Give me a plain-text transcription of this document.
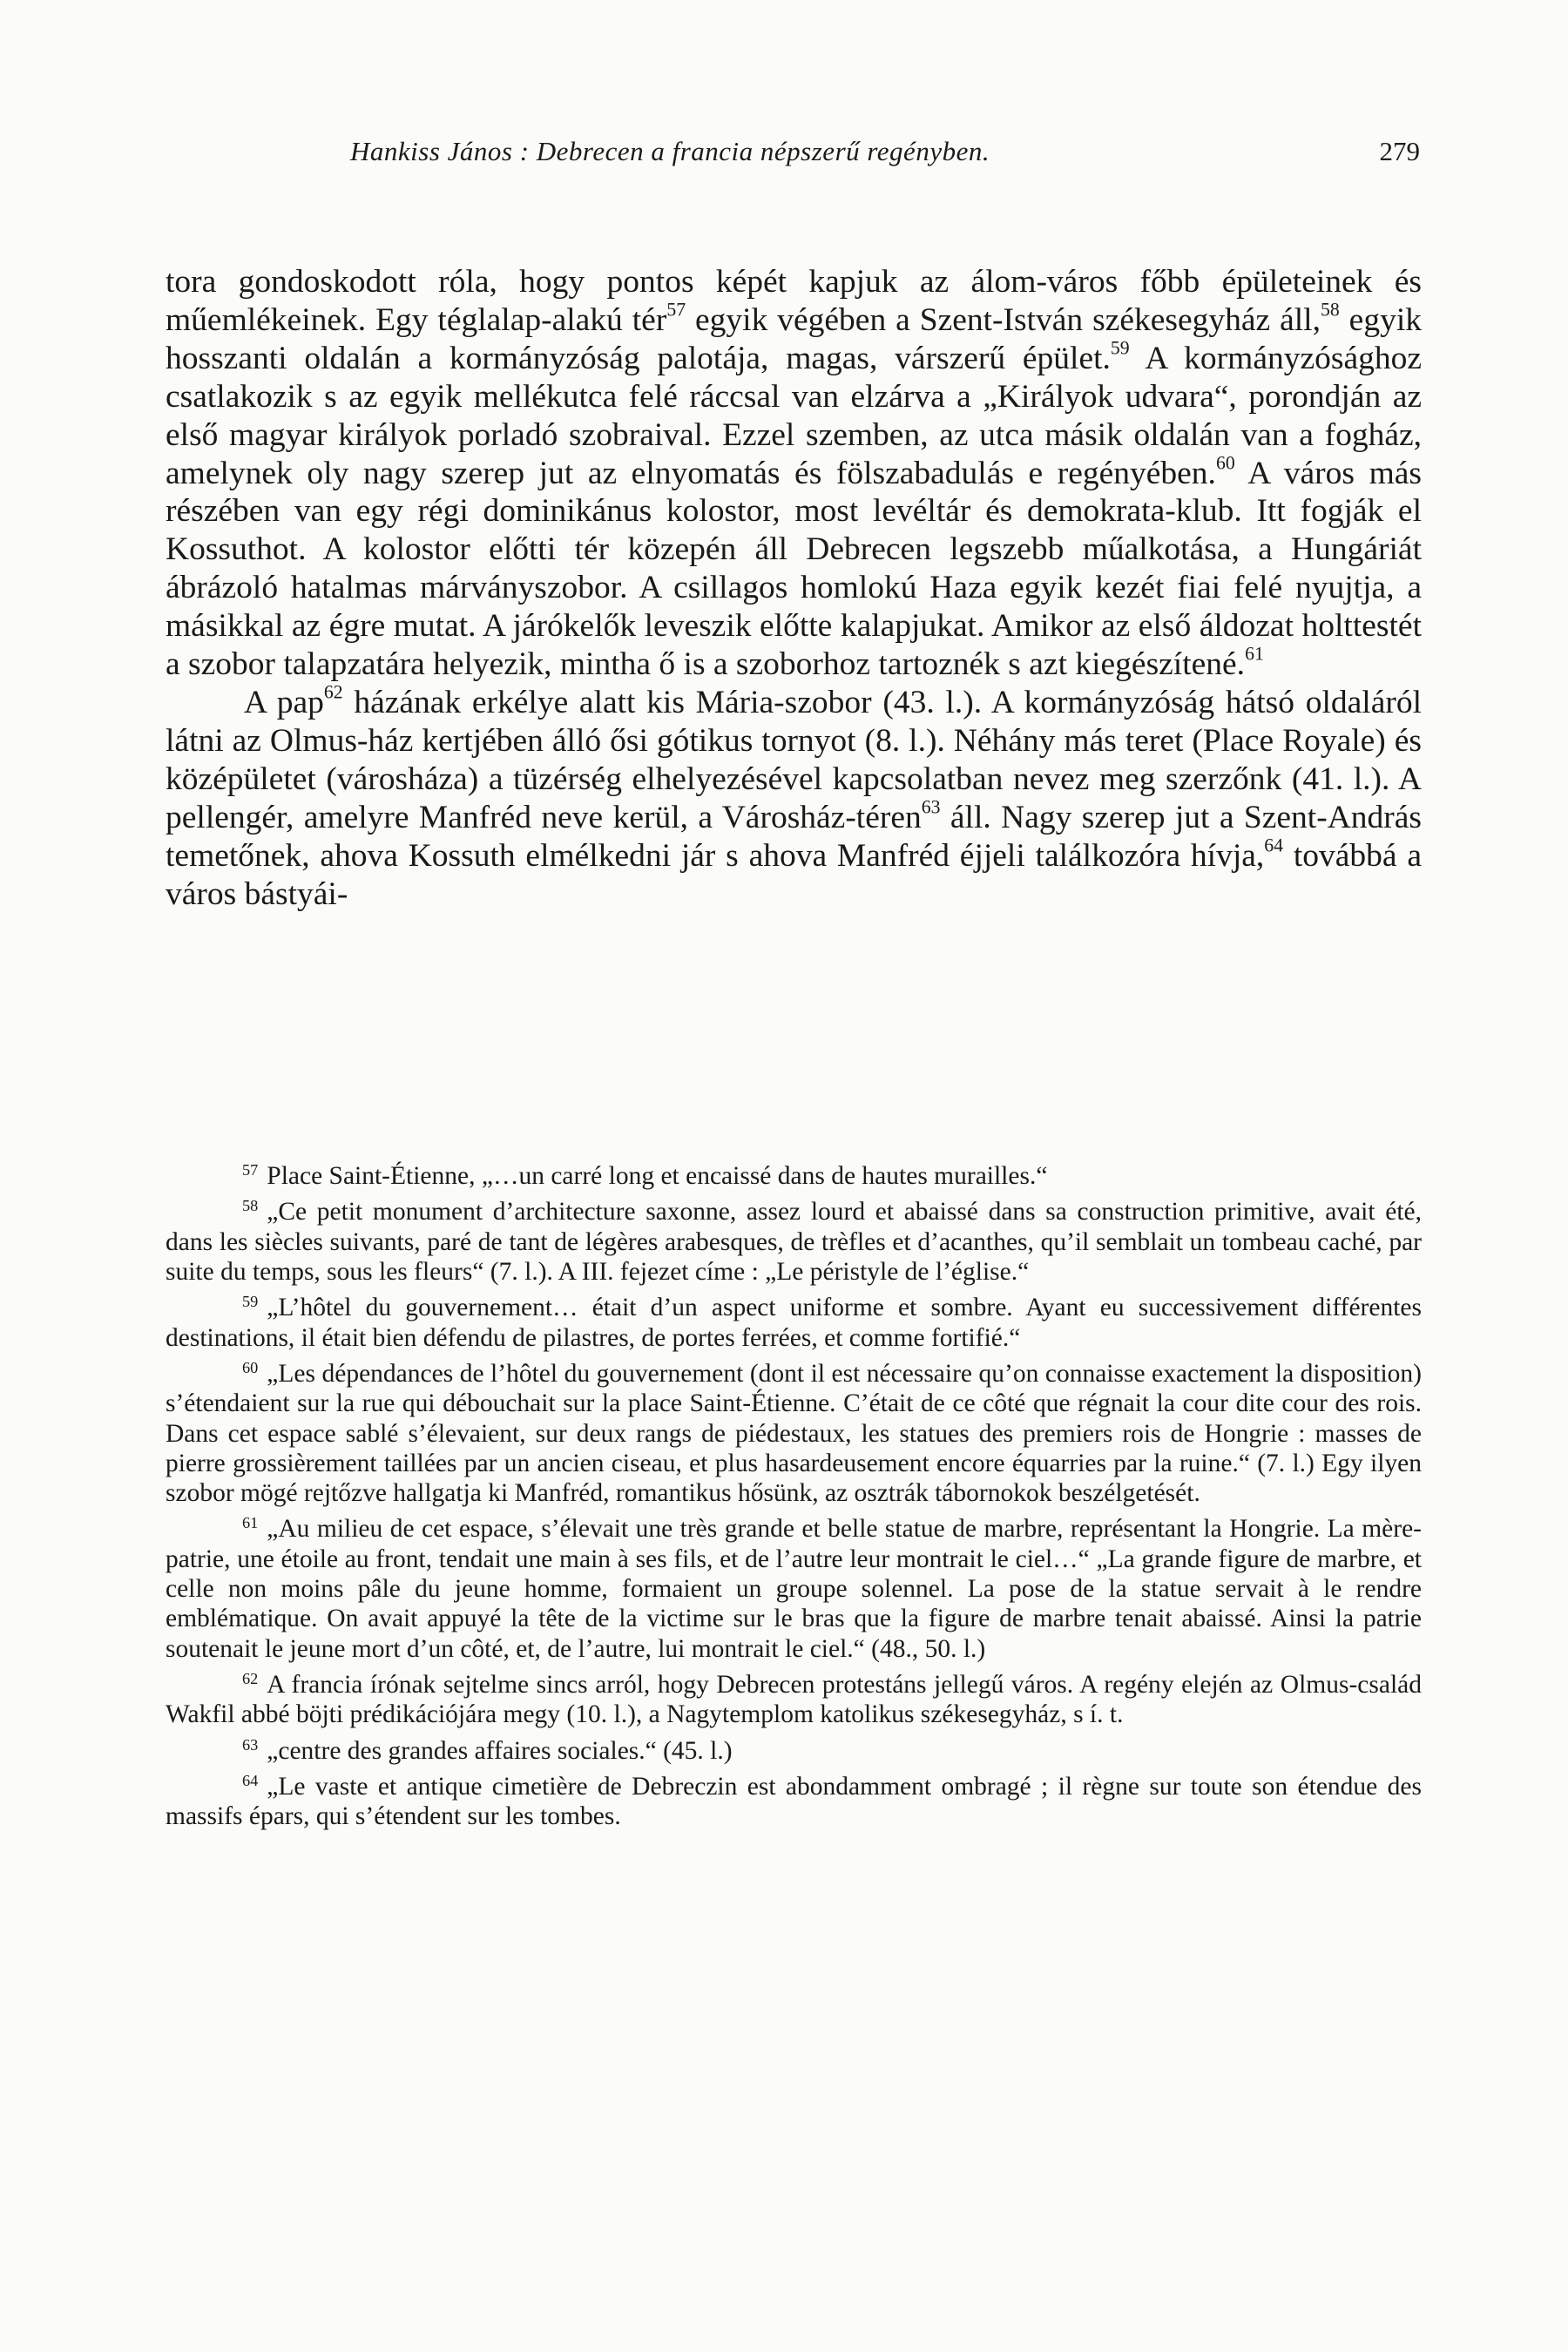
Hankiss János : Debrecen a francia népszerű regényben.	279

tora gondoskodott róla, hogy pontos képét kapjuk az álom-város főbb épületeinek és műemlékeinek. Egy téglalap-alakú tér$^{57}$ egyik végében a Szent-István székesegyház áll,$^{58}$ egyik hosszanti oldalán a kormányzóság palotája, magas, várszerű épület.$^{59}$ A kormányzósághoz csatlakozik s az egyik mellékutca felé ráccsal van elzárva a „Királyok udvara“, porondján az első magyar királyok porladó szobraival. Ezzel szemben, az utca másik oldalán van a fogház, amelynek oly nagy szerep jut az elnyomatás és fölszabadulás e regényében.$^{60}$ A város más részében van egy régi dominikánus kolostor, most levéltár és demokrata-klub. Itt fogják el Kossuthot. A kolostor előtti tér közepén áll Debrecen legszebb műalkotása, a Hungáriát ábrázoló hatalmas márványszobor. A csillagos homlokú Haza egyik kezét fiai felé nyujtja, a másikkal az égre mutat. A járókelők leveszik előtte kalapjukat. Amikor az első áldozat holttestét a szobor talapzatára helyezik, mintha ő is a szoborhoz tartoznék s azt kiegészítené.$^{61}$

A pap$^{62}$ házának erkélye alatt kis Mária-szobor (43. l.). A kormányzóság hátsó oldaláról látni az Olmus-ház kertjében álló ősi gótikus tornyot (8. l.). Néhány más teret (Place Royale) és középületet (városháza) a tüzérség elhelyezésével kapcsolatban nevez meg szerzőnk (41. l.). A pellengér, amelyre Manfréd neve kerül, a Városház-téren$^{63}$ áll. Nagy szerep jut a Szent-András temetőnek, ahova Kossuth elmélkedni jár s ahova Manfréd éjjeli találkozóra hívja,$^{64}$ továbbá a város bástyái-

$^{57}$ Place Saint-Étienne, „…un carré long et encaissé dans de hautes murailles.“

$^{58}$ „Ce petit monument d’architecture saxonne, assez lourd et abaissé dans sa construction primitive, avait été, dans les siècles suivants, paré de tant de légères arabesques, de trèfles et d’acanthes, qu’il semblait un tombeau caché, par suite du temps, sous les fleurs“ (7. l.). A III. fejezet címe : „Le péristyle de l’église.“

$^{59}$ „L’hôtel du gouvernement… était d’un aspect uniforme et sombre. Ayant eu successivement différentes destinations, il était bien défendu de pilastres, de portes ferrées, et comme fortifié.“

$^{60}$ „Les dépendances de l’hôtel du gouvernement (dont il est nécessaire qu’on connaisse exactement la disposition) s’étendaient sur la rue qui débouchait sur la place Saint-Étienne. C’était de ce côté que régnait la cour dite cour des rois. Dans cet espace sablé s’élevaient, sur deux rangs de piédestaux, les statues des premiers rois de Hongrie : masses de pierre grossièrement taillées par un ancien ciseau, et plus hasardeusement encore équarries par la ruine.“ (7. l.) Egy ilyen szobor mögé rejtőzve hallgatja ki Manfréd, romantikus hősünk, az osztrák tábornokok beszélgetését.

$^{61}$ „Au milieu de cet espace, s’élevait une très grande et belle statue de marbre, représentant la Hongrie. La mère-patrie, une étoile au front, tendait une main à ses fils, et de l’autre leur montrait le ciel…“ „La grande figure de marbre, et celle non moins pâle du jeune homme, formaient un groupe solennel. La pose de la statue servait à le rendre emblématique. On avait appuyé la tête de la victime sur le bras que la figure de marbre tenait abaissé. Ainsi la patrie soutenait le jeune mort d’un côté, et, de l’autre, lui montrait le ciel.“ (48., 50. l.)

$^{62}$ A francia írónak sejtelme sincs arról, hogy Debrecen protestáns jellegű város. A regény elején az Olmus-család Wakfil abbé böjti prédikációjára megy (10. l.), a Nagytemplom katolikus székesegyház, s í. t.

$^{63}$ „centre des grandes affaires sociales.“ (45. l.)

$^{64}$ „Le vaste et antique cimetière de Debreczin est abondamment ombragé ; il règne sur toute son étendue des massifs épars, qui s’étendent sur les tombes.
